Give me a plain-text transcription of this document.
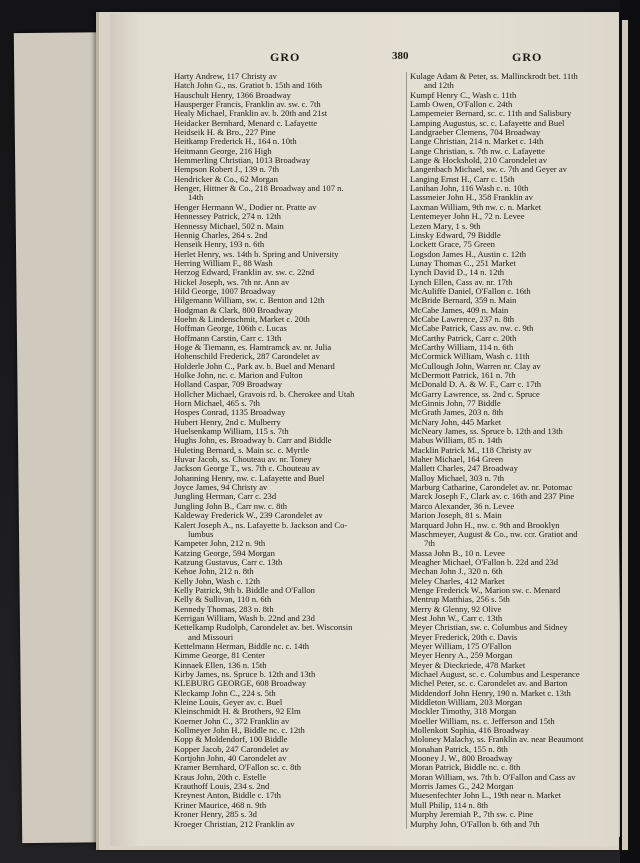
GRO	380	GRO
Harty Andrew, 117 Christy av
Hatch John G., ns. Gratiot b. 15th and 16th
Hauschult Henry, 1366 Broadway
Hausperger Francis, Franklin av. sw. c. 7th
Healy Michael, Franklin av. b. 20th and 21st
Heidacker Bernhard, Menard c. Lafayette
Heidseik H. & Bro., 227 Pine
Heitkamp Frederick H., 164 n. 10th
Heitmann George, 216 High
Hemmerling Christian, 1013 Broadway
Hempson Robert J., 139 n. 7th
Hendricker & Co., 62 Morgan
Henger, Hittner & Co., 218 Broadway and 107 n.
14th
Henger Hermann W., Dodier nr. Pratte av
Hennessey Patrick, 274 n. 12th
Hennessy Michael, 502 n. Main
Hennig Charles, 264 s. 2nd
Henseik Henry, 193 n. 6th
Herlet Henry, ws. 14th b. Spring and University
Herring William F., 88 Wash
Herzog Edward, Franklin av. sw. c. 22nd
Hickel Joseph, ws. 7th nr. Ann av
Hild George, 1007 Broadway
Hilgemann William, sw. c. Benton and 12th
Hodgman & Clark, 800 Broadway
Hoehn & Lindenschmit, Market c. 20th
Hoffman George, 106th c. Lucas
Hoffmann Carstin, Carr c. 13th
Hoge & Tiemann, es. Hamtramck av. nr. Julia
Hohenschild Frederick, 287 Carondelet av
Holderle John C., Park av. b. Buel and Menard
Holke John, nc. c. Marion and Fulton
Holland Caspar, 709 Broadway
Hollcher Michael, Gravois rd. b. Cherokee and Utah
Horn Michael, 465 s. 7th
Hospes Conrad, 1135 Broadway
Hubert Henry, 2nd c. Mulberry
Huelsenkamp William, 115 s. 7th
Hughs John, es. Broadway b. Carr and Biddle
Huleting Bernard, s. Main sc. c. Myrtle
Huvar Jacob, ss. Chouteau av. nr. Toney
Jackson George T., ws. 7th c. Chouteau av
Johanning Henry, nw. c. Lafayette and Buel
Joyce James, 94 Christy av
Jungling Herman, Carr c. 23d
Jungling John B., Carr nw. c. 8th
Kaldeway Frederick W., 239 Carondelet av
Kalert Joseph A., ns. Lafayette b. Jackson and Co-
lumbus
Kampeter John, 212 n. 9th
Katzing George, 594 Morgan
Katzung Gustavus, Carr c. 13th
Kehoe John, 212 n. 8th
Kelly John, Wash c. 12th
Kelly Patrick, 9th b. Biddle and O'Fallon
Kelly & Sullivan, 110 n. 6th
Kennedy Thomas, 283 n. 8th
Kerrigan William, Wash b. 22nd and 23d
Kettelkamp Rudolph, Carondelet av. bet. Wisconsin
and Missouri
Kettelmann Herman, Biddle nc. c. 14th
Kimme George, 81 Center
Kinnaek Ellen, 136 n. 15th
Kirby James, ns. Spruce b. 12th and 13th
KLEBURG GEORGE, 608 Broadway
Kleckamp John C., 224 s. 5th
Kleine Louis, Geyer av. c. Buel
Kleinschmidt H. & Brothers, 92 Elm
Koerner John C., 372 Franklin av
Kollmeyer John H., Biddle nc. c. 12th
Kopp & Moldendorf, 100 Biddle
Kopper Jacob, 247 Carondelet av
Kortjohn John, 40 Carondelet av
Kramer Bernhard, O'Fallon sc. c. 8th
Kraus John, 20th c. Estelle
Krauthoff Louis, 234 s. 2nd
Kreynest Anton, Biddle c. 17th
Kriner Maurice, 468 n. 9th
Kroner Henry, 285 s. 3d
Kroeger Christian, 212 Franklin av
Kulage Adam & Peter, ss. Mallinckrodt bet. 11th
and 12th
Kumpf Henry C., Wash c. 11th
Lamb Owen, O'Fallon c. 24th
Lampemeier Bernard, sc. c. 11th and Salisbury
Lamping Augustus, sc. c. Lafayette and Buel
Landgraeber Clemens, 704 Broadway
Lange Christian, 214 n. Market c. 14th
Lange Christian, s. 7th nw. c. Lafayette
Lange & Hockshold, 210 Carondelet av
Langenbach Michael, sw. c. 7th and Geyer av
Langing Ernst H., Carr c. 15th
Lanihan John, 116 Wash c. n. 10th
Lassmeier John H., 358 Franklin av
Laxman William, 9th nw. c. n. Market
Lentemeyer John H., 72 n. Levee
Lezen Mary, 1 s. 9th
Linsky Edward, 79 Biddle
Lockett Grace, 75 Green
Logsdon James H., Austin c. 12th
Lunay Thomas C., 251 Market
Lynch David D., 14 n. 12th
Lynch Ellen, Cass av. nr. 17th
McAuliffe Daniel, O'Fallon c. 16th
McBride Bernard, 359 n. Main
McCabe James, 409 n. Main
McCabe Lawrence, 237 n. 8th
McCabe Patrick, Cass av. nw. c. 9th
McCarthy Patrick, Carr c. 20th
McCarthy William, 114 n. 6th
McCormick William, Wash c. 11th
McCullough John, Warren nr. Clay av
McDermott Patrick, 161 n. 7th
McDonald D. A. & W. F., Carr c. 17th
McGarry Lawrence, ss. 2nd c. Spruce
McGinnis John, 77 Biddle
McGrath James, 203 n. 8th
McNary John, 445 Market
McNeary James, ss. Spruce b. 12th and 13th
Mabus William, 85 n. 14th
Macklin Patrick M., 118 Christy av
Maher Michael, 164 Green
Mallett Charles, 247 Broadway
Malloy Michael, 303 n. 7th
Marburg Catharine, Carondelet av. nr. Potomac
Marck Joseph F., Clark av. c. 16th and 237 Pine
Marco Alexander, 36 n. Levee
Marion Joseph, 81 s. Main
Marquard John H., nw. c. 9th and Brooklyn
Maschmeyer, August & Co., nw. ccr. Gratiot and
7th
Massa John B., 10 n. Levee
Meagher Michael, O'Fallon b. 22d and 23d
Mechan John J., 320 n. 6th
Meley Charles, 412 Market
Menge Frederick W., Marion sw. c. Menard
Mentrup Matthias, 256 s. 5th
Merry & Glenny, 92 Olive
Mest John W., Carr c. 13th
Meyer Christian, sw. c. Columbus and Sidney
Meyer Frederick, 20th c. Davis
Meyer William, 175 O'Fallon
Meyer Henry A., 259 Morgan
Meyer & Dieckriede, 478 Market
Michael August, sc. c. Columbus and Lesperance
Michel Peter, sc. c. Carondelet av. and Barton
Middendorf John Henry, 190 n. Market c. 13th
Middleton William, 203 Morgan
Mockler Timothy, 318 Morgan
Moeller William, ns. c. Jefferson and 15th
Mollenkott Sophia, 416 Broadway
Moloney Malachy, ss. Franklin av. near Beaumont
Monahan Patrick, 155 n. 8th
Mooney J. W., 800 Broadway
Moran Patrick, Biddle nc. c. 8th
Moran William, ws. 7th b. O'Fallon and Cass av
Morris James G., 242 Morgan
Muesenfechter John L., 19th near n. Market
Mull Philip, 114 n. 8th
Murphy Jeremiah P., 7th sw. c. Pine
Murphy John, O'Fallon b. 6th and 7th
